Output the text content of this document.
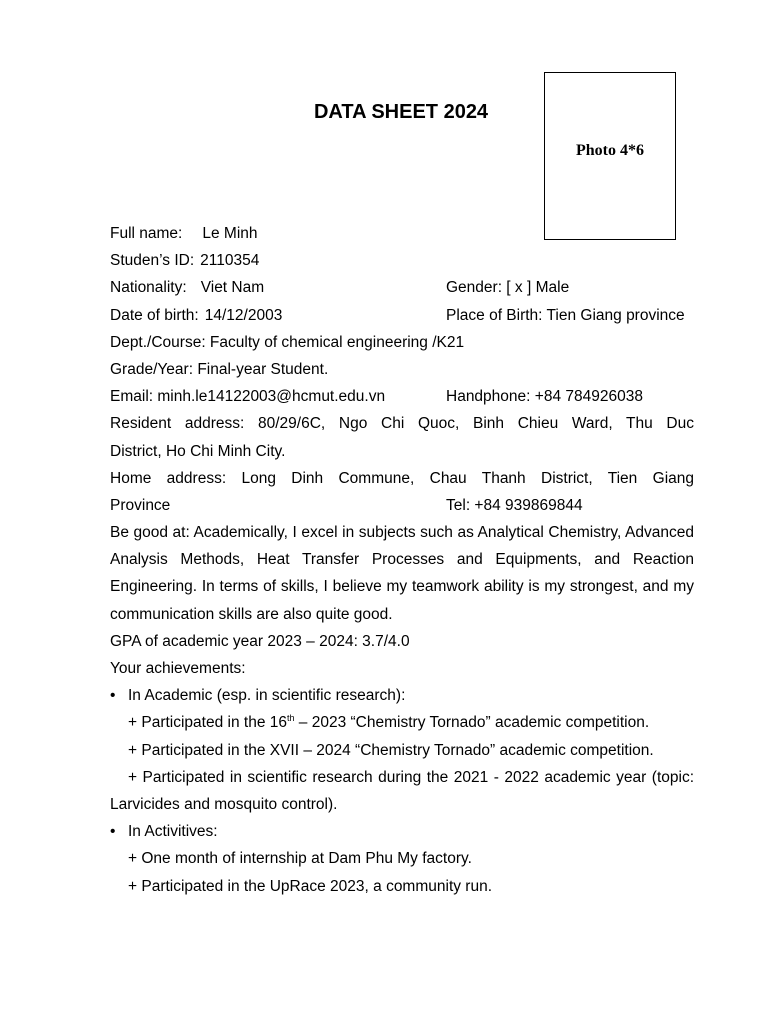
DATA SHEET 2024
Photo 4*6
Full name: Le Minh
Studen’s ID: 2110354
Nationality: Viet Nam	Gender: [ x ] Male
Date of birth: 14/12/2003	Place of Birth: Tien Giang province
Dept./Course: Faculty of chemical engineering /K21
Grade/Year: Final-year Student.
Email: minh.le14122003@hcmut.edu.vn	Handphone: +84 784926038
Resident address: 80/29/6C, Ngo Chi Quoc, Binh Chieu Ward, Thu Duc
District, Ho Chi Minh City.
Home address: Long Dinh Commune, Chau Thanh District, Tien Giang
Province	Tel: +84 939869844
Be good at: Academically, I excel in subjects such as Analytical Chemistry, Advanced Analysis Methods, Heat Transfer Processes and Equipments, and Reaction Engineering. In terms of skills, I believe my teamwork ability is my strongest, and my communication skills are also quite good.
GPA of academic year 2023 – 2024: 3.7/4.0
Your achievements:
• In Academic (esp. in scientific research):
+ Participated in the 16th – 2023 “Chemistry Tornado” academic competition.
+ Participated in the XVII – 2024 “Chemistry Tornado” academic competition.
+ Participated in scientific research during the 2021 - 2022 academic year (topic: Larvicides and mosquito control).
• In Activitives:
+ One month of internship at Dam Phu My factory.
+ Participated in the UpRace 2023, a community run.
